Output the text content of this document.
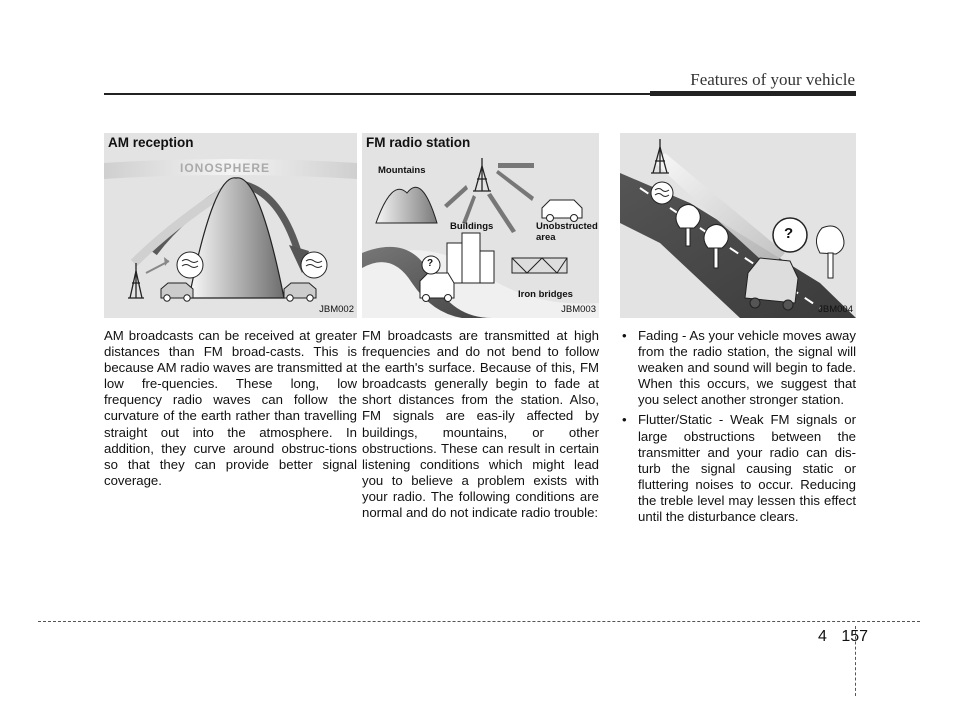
Features of your vehicle
AM reception
IONOSPHERE
JBM002
FM radio station
Mountains
Buildings	Unobstructed
area
Iron bridges
?
JBM003
?
JBM004
AM broadcasts can be received at greater distances than FM broad-casts. This is because AM radio waves are transmitted at low fre-quencies. These long, low frequency radio waves can follow the curvature of the earth rather than travelling straight out into the atmosphere. In addition, they curve around obstruc-tions so that they can provide better signal coverage.
FM broadcasts are transmitted at high frequencies and do not bend to follow the earth's surface. Because of this, FM broadcasts generally begin to fade at short distances from the station. Also, FM signals are eas-ily affected by buildings, mountains, or other obstructions. These can result in certain listening conditions which might lead you to believe a problem exists with your radio. The following conditions are normal and do not indicate radio trouble:
• Fading - As your vehicle moves away from the radio station, the signal will weaken and sound will begin to fade. When this occurs, we suggest that you select another stronger station.
• Flutter/Static - Weak FM signals or large obstructions between the transmitter and your radio can dis-turb the signal causing static or fluttering noises to occur. Reducing the treble level may lessen this effect until the disturbance clears.
4 157
